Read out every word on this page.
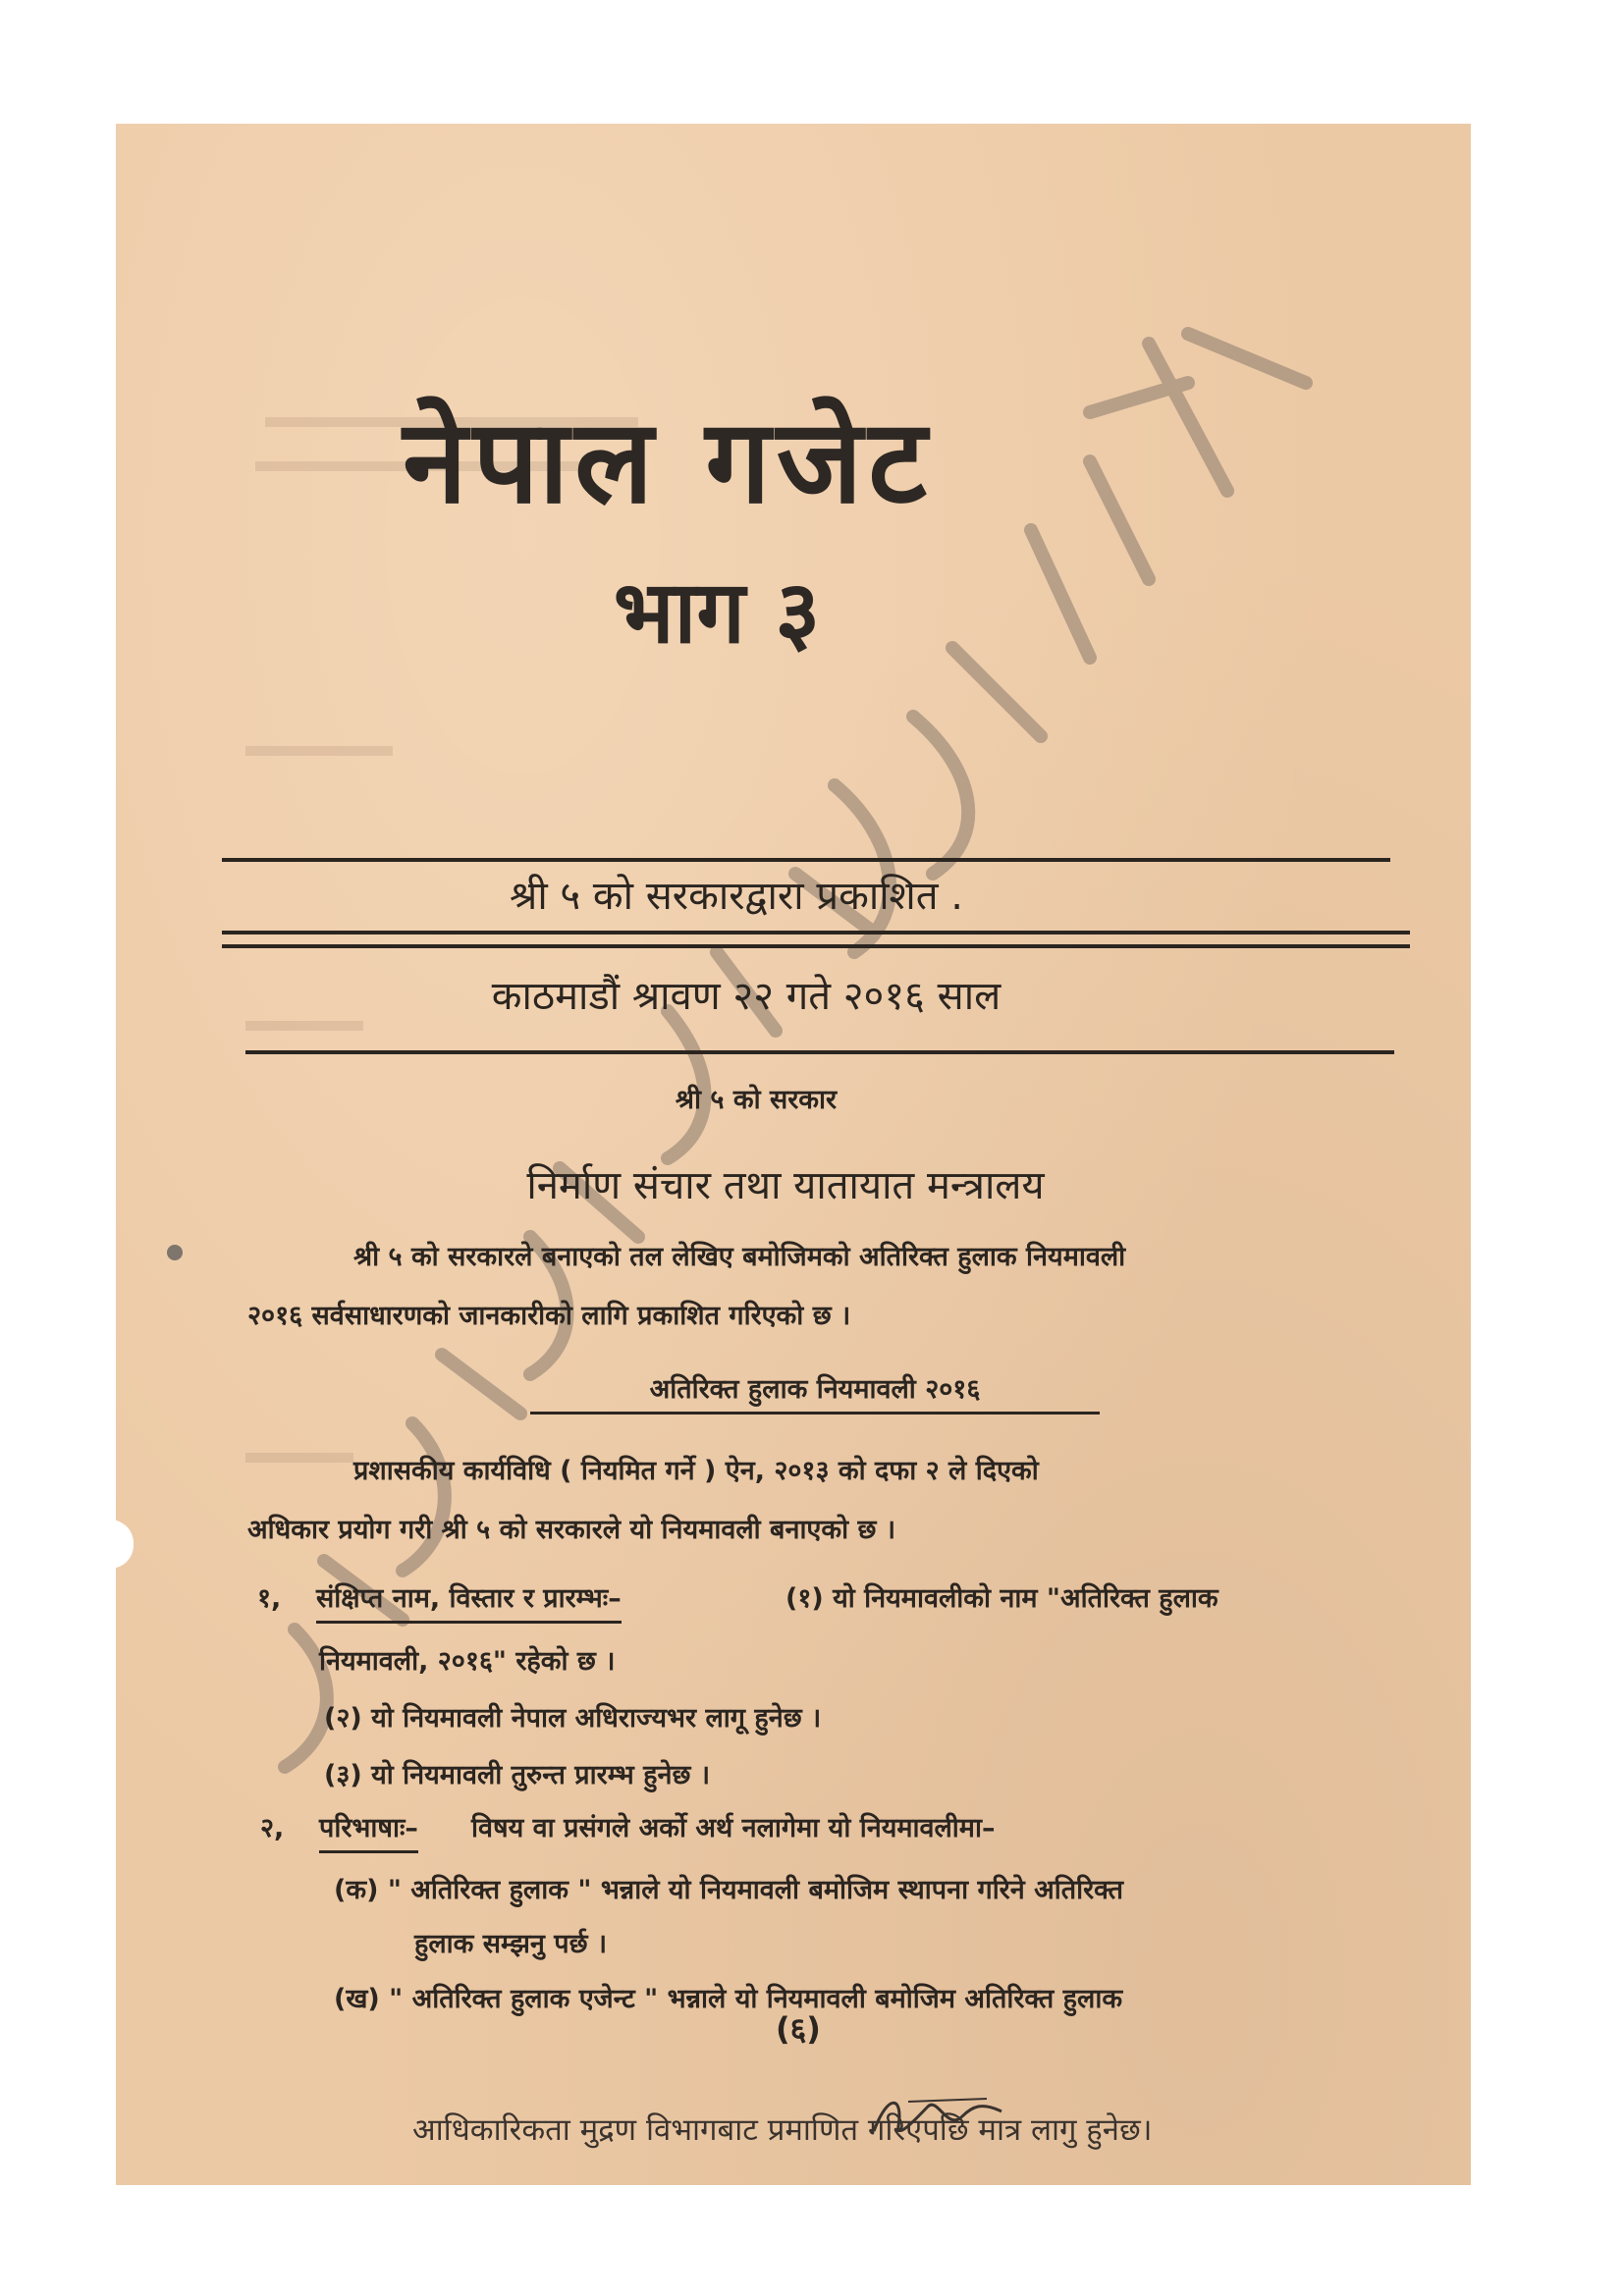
नेपाल गजेट
भाग ३
श्री ५ को सरकारद्वारा प्रकाशित .
काठमाडौं श्रावण २२ गते २०१६ साल
श्री ५ को सरकार
निर्माण संचार तथा यातायात मन्त्रालय
श्री ५ को सरकारले बनाएको तल लेखिए बमोजिमको अतिरिक्त हुलाक नियमावली
२०१६ सर्वसाधारणको जानकारीको लागि प्रकाशित गरिएको छ ।
अतिरिक्त हुलाक नियमावली २०१६
प्रशासकीय कार्यविधि ( नियमित गर्ने ) ऐन, २०१३ को दफा २ ले दिएको
अधिकार प्रयोग गरी श्री ५ को सरकारले यो नियमावली बनाएको छ ।
१, संक्षिप्त नाम, विस्तार र प्रारम्भः–	(१) यो नियमावलीको नाम "अतिरिक्त हुलाक
नियमावली, २०१६" रहेको छ ।
(२) यो नियमावली नेपाल अधिराज्यभर लागू हुनेछ ।
(३) यो नियमावली तुरुन्त प्रारम्भ हुनेछ ।
२, परिभाषाः– विषय वा प्रसंगले अर्को अर्थ नलागेमा यो नियमावलीमा–
(क) " अतिरिक्त हुलाक " भन्नाले यो नियमावली बमोजिम स्थापना गरिने अतिरिक्त
हुलाक सम्झनु पर्छ ।
(ख) " अतिरिक्त हुलाक एजेन्ट " भन्नाले यो नियमावली बमोजिम अतिरिक्त हुलाक
(६)
आधिकारिकता मुद्रण विभागबाट प्रमाणित गरिएपछि मात्र लागु हुनेछ।
